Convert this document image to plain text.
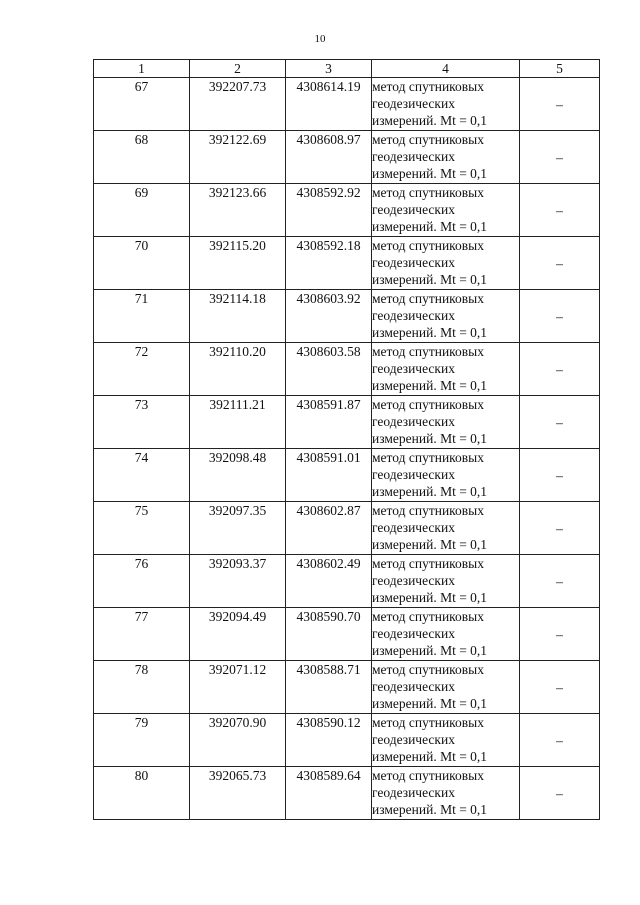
10
1	2	3	4	5
67	392207.73	4308614.19	метод спутниковых
геодезических
измерений. Mt = 0,1	–
68	392122.69	4308608.97	метод спутниковых
геодезических
измерений. Mt = 0,1	–
69	392123.66	4308592.92	метод спутниковых
геодезических
измерений. Mt = 0,1	–
70	392115.20	4308592.18	метод спутниковых
геодезических
измерений. Mt = 0,1	–
71	392114.18	4308603.92	метод спутниковых
геодезических
измерений. Mt = 0,1	–
72	392110.20	4308603.58	метод спутниковых
геодезических
измерений. Mt = 0,1	–
73	392111.21	4308591.87	метод спутниковых
геодезических
измерений. Mt = 0,1	–
74	392098.48	4308591.01	метод спутниковых
геодезических
измерений. Mt = 0,1	–
75	392097.35	4308602.87	метод спутниковых
геодезических
измерений. Mt = 0,1	–
76	392093.37	4308602.49	метод спутниковых
геодезических
измерений. Mt = 0,1	–
77	392094.49	4308590.70	метод спутниковых
геодезических
измерений. Mt = 0,1	–
78	392071.12	4308588.71	метод спутниковых
геодезических
измерений. Mt = 0,1	–
79	392070.90	4308590.12	метод спутниковых
геодезических
измерений. Mt = 0,1	–
80	392065.73	4308589.64	метод спутниковых
геодезических
измерений. Mt = 0,1	–
